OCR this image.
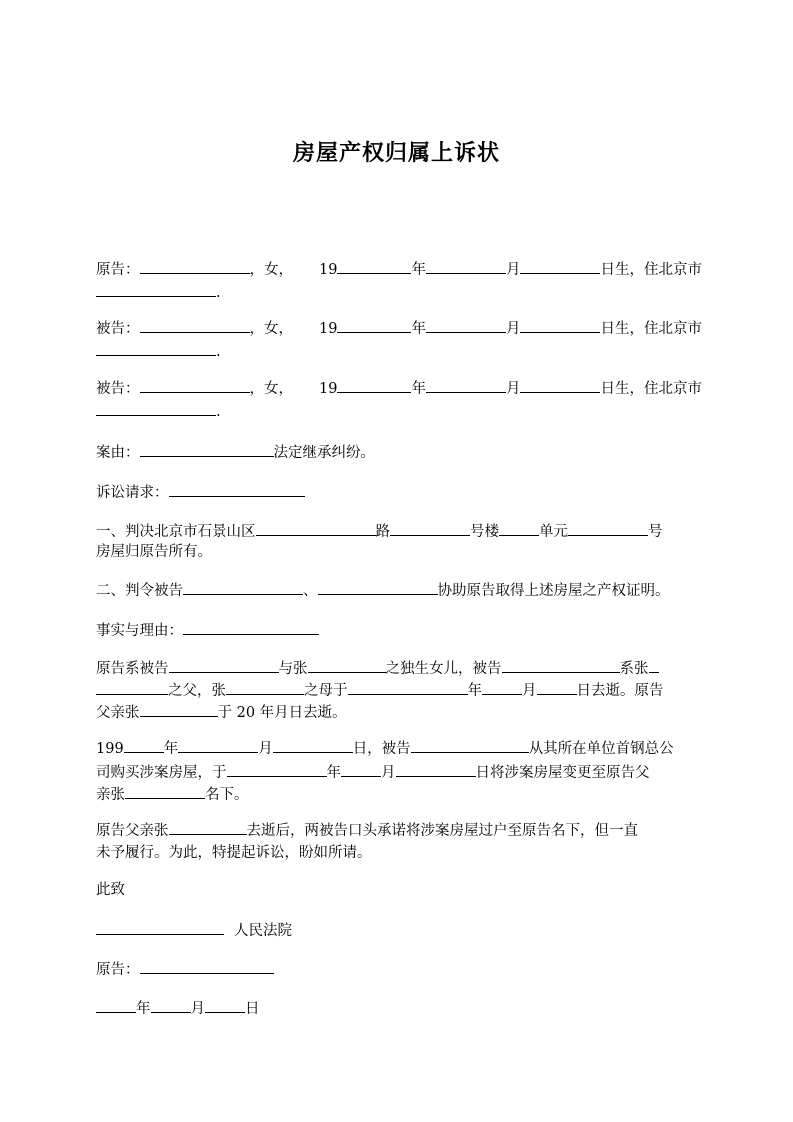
房屋产权归属上诉状
原告：	，女， 19	年	月	日生，住北京市
.
被告：	，女， 19	年	月	日生，住北京市
.
被告：	，女， 19	年	月	日生，住北京市
.
案由：	法定继承纠纷。
诉讼请求：
一、判决北京市石景山区	路	号楼	单元	号
房屋归原告所有。
二、判令被告	、	协助原告取得上述房屋之产权证明。
事实与理由：
原告系被告	与张	之独生女儿，被告	系张
之父，张	之母于	年	月	日去逝。原告
父亲张	于 20 年月日去逝。
199	年	月	日，被告	从其所在单位首钢总公
司购买涉案房屋，于	年	月	日将涉案房屋变更至原告父
亲张	名下。
原告父亲张	去逝后，两被告口头承诺将涉案房屋过户至原告名下，但一直
未予履行。为此，特提起诉讼，盼如所请。
此致
人民法院
原告：
年	月	日
